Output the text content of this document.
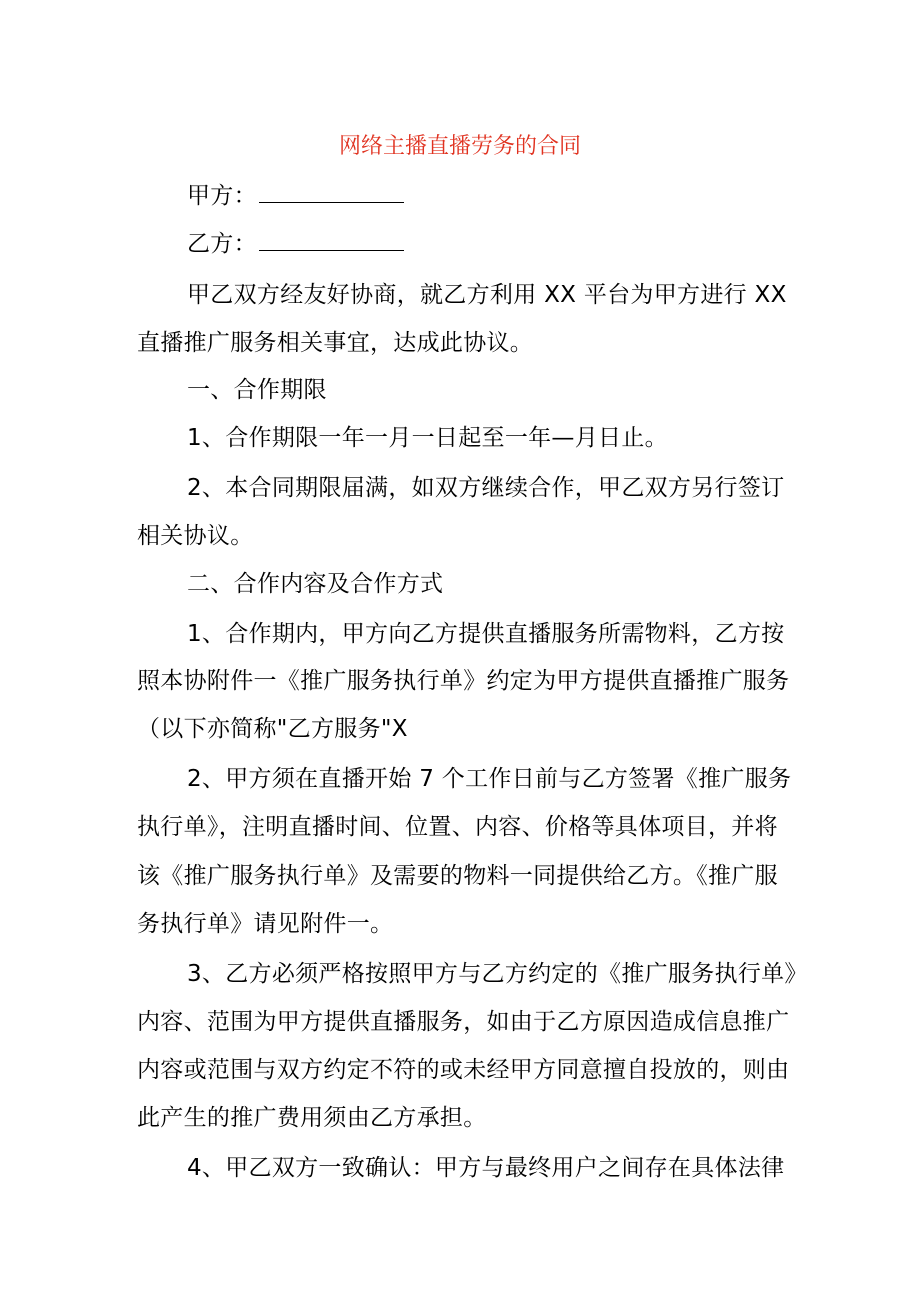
网络主播直播劳务的合同
甲方：
乙方：
甲乙双方经友好协商，就乙方利用 XX 平台为甲方进行 XX
直播推广服务相关事宜，达成此协议。
一、合作期限
1、合作期限一年一月一日起至一年—月日止。
2、本合同期限届满，如双方继续合作，甲乙双方另行签订
相关协议。
二、合作内容及合作方式
1、合作期内，甲方向乙方提供直播服务所需物料，乙方按
照本协附件一《推广服务执行单》约定为甲方提供直播推广服务
（以下亦简称"乙方服务"X
2、甲方须在直播开始 7 个工作日前与乙方签署《推广服务
执行单》，注明直播时间、位置、内容、价格等具体项目，并将
该《推广服务执行单》及需要的物料一同提供给乙方。《推广服
务执行单》请见附件一。
3、乙方必须严格按照甲方与乙方约定的《推广服务执行单》
内容、范围为甲方提供直播服务，如由于乙方原因造成信息推广
内容或范围与双方约定不符的或未经甲方同意擅自投放的，则由
此产生的推广费用须由乙方承担。
4、甲乙双方一致确认：甲方与最终用户之间存在具体法律
